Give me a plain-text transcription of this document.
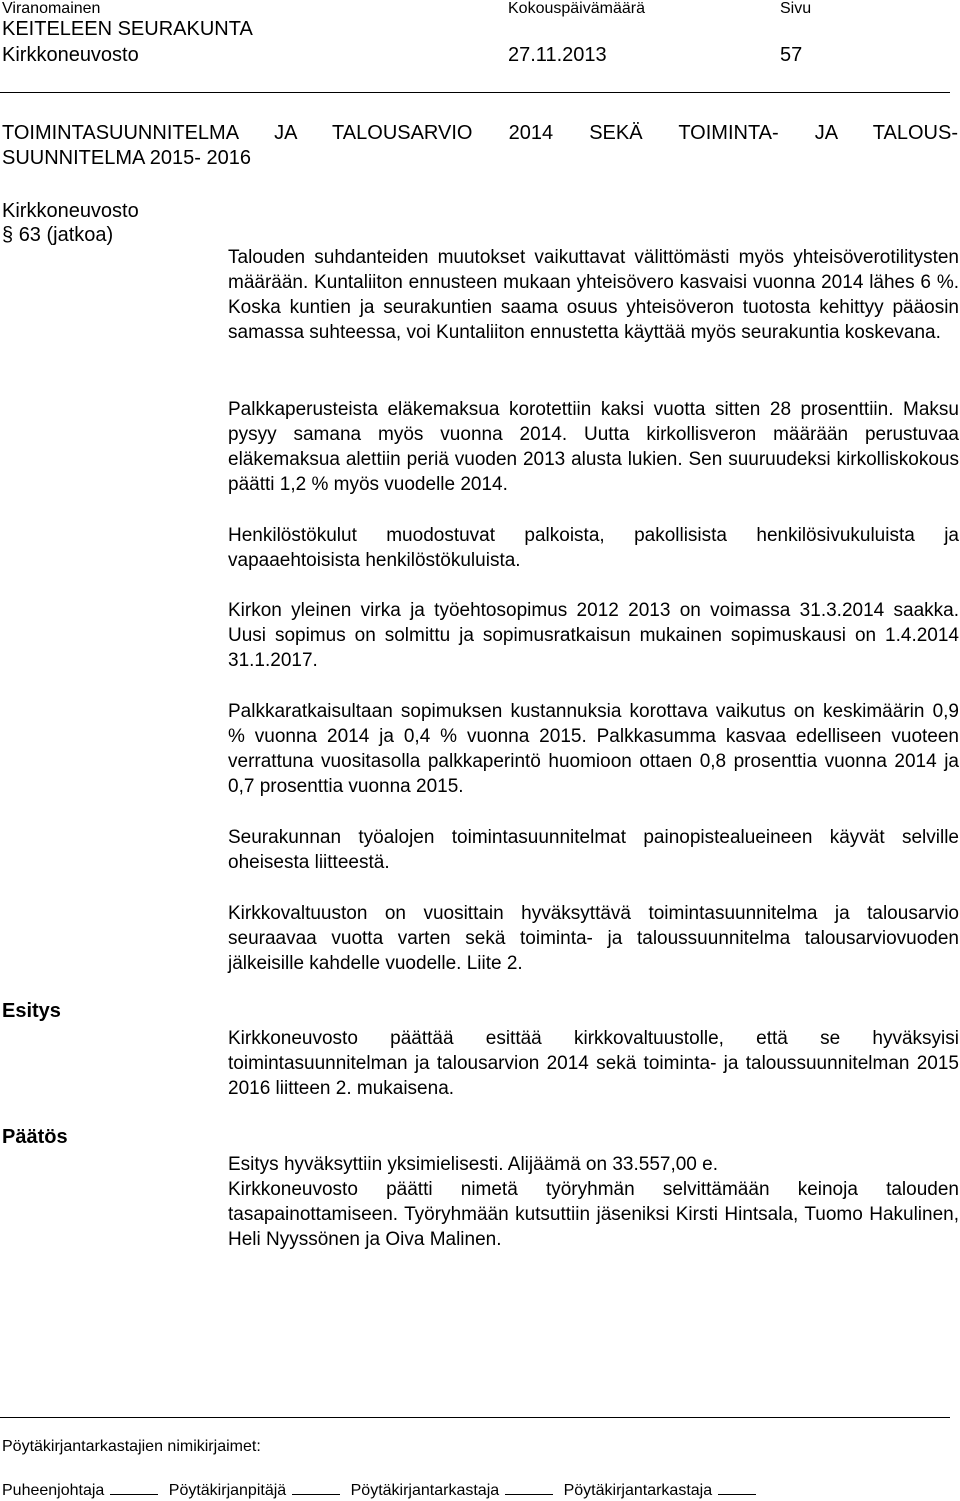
Viranomainen
KEITELEEN SEURAKUNTA
Kirkkoneuvosto
Kokouspäivämäärä
27.11.2013
Sivu
57
TOIMINTASUUNNITELMA JA TALOUSARVIO 2014 SEKÄ TOIMINTA- JA TALOUS-
SUUNNITELMA 2015- 2016
Kirkkoneuvosto
§ 63 (jatkoa)
Talouden suhdanteiden muutokset vaikuttavat välittömästi myös yhteisöverotilitysten määrään. Kuntaliiton ennusteen mukaan yhteisövero kasvaisi vuonna 2014 lähes 6 %. Koska kuntien ja seurakuntien saama osuus yhteisöveron tuotosta kehittyy pääosin samassa suhteessa, voi Kuntaliiton ennustetta käyttää myös seurakuntia koskevana.
Palkkaperusteista eläkemaksua korotettiin kaksi vuotta sitten 28 prosenttiin. Maksu pysyy samana myös vuonna 2014. Uutta kirkollisveron määrään perustuvaa eläkemaksua alettiin periä vuoden 2013 alusta lukien. Sen suuruudeksi kirkolliskokous päätti 1,2 % myös vuodelle 2014.
Henkilöstökulut muodostuvat palkoista, pakollisista henkilösivukuluista ja vapaaehtoisista henkilöstökuluista.
Kirkon yleinen virka ja työehtosopimus 2012 2013 on voimassa 31.3.2014 saakka. Uusi sopimus on solmittu ja sopimusratkaisun mukainen sopimuskausi on 1.4.2014 31.1.2017.
Palkkaratkaisultaan sopimuksen kustannuksia korottava vaikutus on keskimäärin 0,9 % vuonna 2014 ja 0,4 % vuonna 2015. Palkkasumma kasvaa edelliseen vuoteen verrattuna vuositasolla palkkaperintö huomioon ottaen 0,8 prosenttia vuonna 2014 ja 0,7 prosenttia vuonna 2015.
Seurakunnan työalojen toimintasuunnitelmat painopistealueineen käyvät selville oheisesta liitteestä.
Kirkkovaltuuston on vuosittain hyväksyttävä toimintasuunnitelma ja talousarvio seuraavaa vuotta varten sekä toiminta- ja taloussuunnitelma talousarviovuoden jälkeisille kahdelle vuodelle. Liite 2.
Esitys
Kirkkoneuvosto päättää esittää kirkkovaltuustolle, että se hyväksyisi toimintasuunnitelman ja talousarvion 2014 sekä toiminta- ja taloussuunnitelman 2015 2016 liitteen 2. mukaisena.
Päätös
Esitys hyväksyttiin yksimielisesti. Alijäämä on 33.557,00 e.
Kirkkoneuvosto päätti nimetä työryhmän selvittämään keinoja talouden tasapainottamiseen. Työryhmään kutsuttiin jäseniksi Kirsti Hintsala, Tuomo Hakulinen, Heli Nyyssönen ja Oiva Malinen.
Pöytäkirjantarkastajien nimikirjaimet:
Puheenjohtaja	Pöytäkirjanpitäjä	Pöytäkirjantarkastaja	Pöytäkirjantarkastaja
